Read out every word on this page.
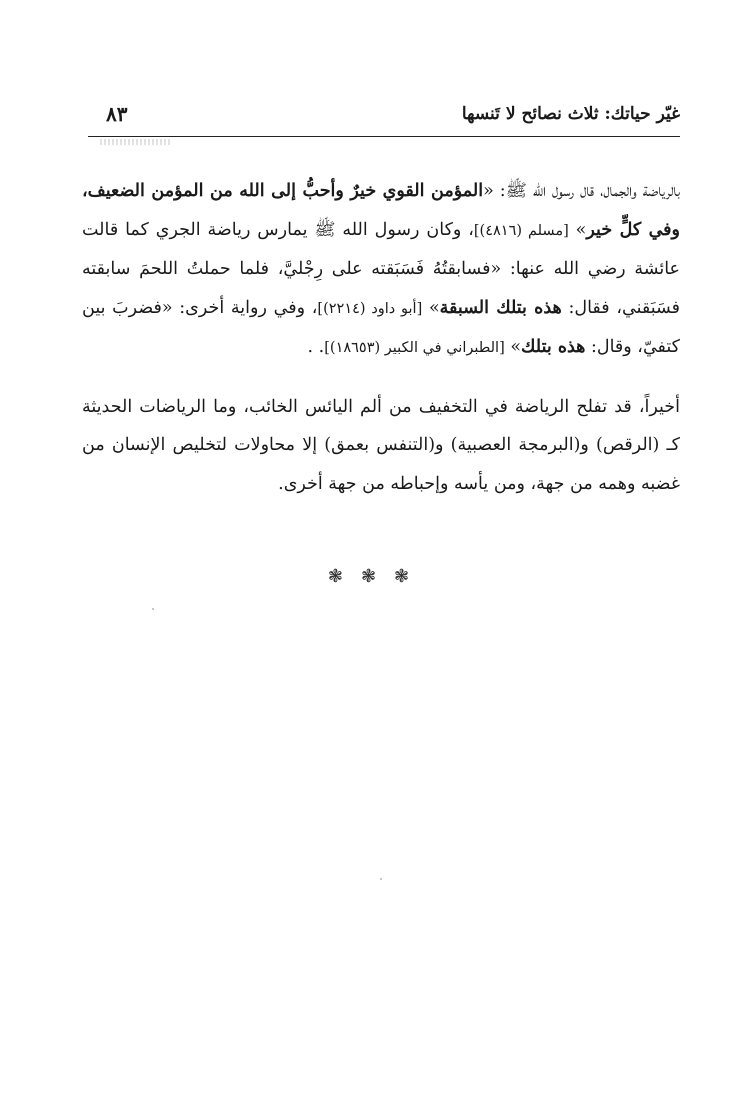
غيّر حياتك: ثلاث نصائح لا تَنسها
٨٣

بالرياضة والجمال، قال رسول الله ﷺ: «المؤمن القوي خيرٌ وأحبُّ إلى الله من المؤمن الضعيف، وفي كلٍّ خير» [مسلم (٤٨١٦)]، وكان رسول الله ﷺ يمارس رياضة الجري كما قالت عائشة رضي الله عنها: «فسابقتُهُ فَسَبَقته على رِجْليَّ، فلما حملتُ اللحمَ سابقته فسَبَقني، فقال: هذه بتلك السبقة» [أبو داود (٢٢١٤)]، وفي رواية أخرى: «فضربَ بين كتفيّ، وقال: هذه بتلك» [الطبراني في الكبير (١٨٦٥٣)]. .

أخيراً، قد تفلح الرياضة في التخفيف من ألم اليائس الخائب، وما الرياضات الحديثة كـ (الرقص) و(البرمجة العصبية) و(التنفس بعمق) إلا محاولات لتخليص الإنسان من غضبه وهمه من جهة، ومن يأسه وإحباطه من جهة أخرى.

❃❃❃
